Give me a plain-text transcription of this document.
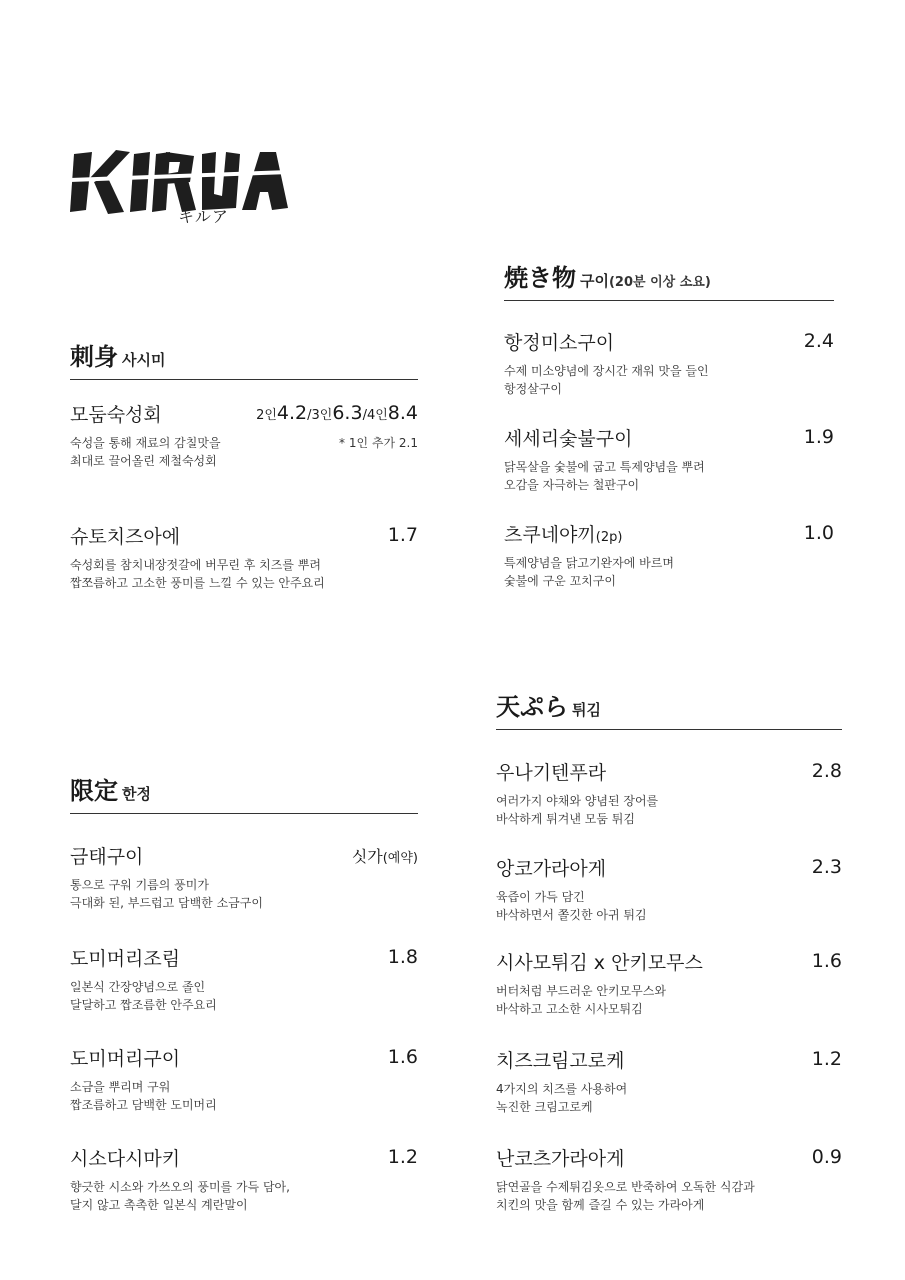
キルア
刺身 사시미
모둠숙성회	2인4.2/3인6.3/4인8.4
숙성을 통해 재료의 감칠맛을
최대로 끌어올린 제철숙성회
* 1인 추가 2.1
슈토치즈아에	1.7
숙성회를 참치내장젓갈에 버무린 후 치즈를 뿌려
짭쪼름하고 고소한 풍미를 느낄 수 있는 안주요리
限定 한정
금태구이	싯가(예약)
통으로 구워 기름의 풍미가
극대화 된, 부드럽고 담백한 소금구이
도미머리조림	1.8
일본식 간장양념으로 졸인
달달하고 짭조름한 안주요리
도미머리구이	1.6
소금을 뿌리며 구워
짭조름하고 담백한 도미머리
시소다시마키	1.2
향긋한 시소와 가쓰오의 풍미를 가득 담아,
달지 않고 촉촉한 일본식 계란말이
焼き物 구이(20분 이상 소요)
항정미소구이	2.4
수제 미소양념에 장시간 재워 맛을 들인
항정살구이
세세리숯불구이	1.9
닭목살을 숯불에 굽고 특제양념을 뿌려
오감을 자극하는 철판구이
츠쿠네야끼(2p)	1.0
특제양념을 닭고기완자에 바르며
숯불에 구운 꼬치구이
天ぷら 튀김
우나기텐푸라	2.8
여러가지 야채와 양념된 장어를
바삭하게 튀겨낸 모둠 튀김
앙코가라아게	2.3
육즙이 가득 담긴
바삭하면서 쫄깃한 아귀 튀김
시사모튀김 x 안키모무스	1.6
버터처럼 부드러운 안키모무스와
바삭하고 고소한 시사모튀김
치즈크림고로케	1.2
4가지의 치즈를 사용하여
녹진한 크림고로케
난코츠가라아게	0.9
닭연골을 수제튀김옷으로 반죽하여 오독한 식감과
치킨의 맛을 함께 즐길 수 있는 가라아게
